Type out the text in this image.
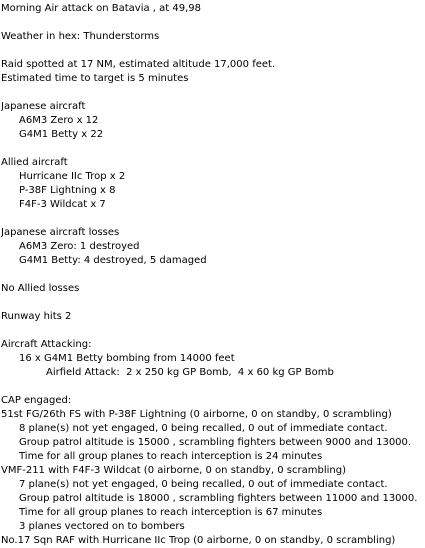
Morning Air attack on Batavia , at 49,98
Weather in hex: Thunderstorms
Raid spotted at 17 NM, estimated altitude 17,000 feet.
Estimated time to target is 5 minutes
Japanese aircraft
A6M3 Zero x 12
G4M1 Betty x 22
Allied aircraft
Hurricane IIc Trop x 2
P-38F Lightning x 8
F4F-3 Wildcat x 7
Japanese aircraft losses
A6M3 Zero: 1 destroyed
G4M1 Betty: 4 destroyed, 5 damaged
No Allied losses
Runway hits 2
Aircraft Attacking:
16 x G4M1 Betty bombing from 14000 feet
Airfield Attack:  2 x 250 kg GP Bomb,  4 x 60 kg GP Bomb
CAP engaged:
51st FG/26th FS with P-38F Lightning (0 airborne, 0 on standby, 0 scrambling)
8 plane(s) not yet engaged, 0 being recalled, 0 out of immediate contact.
Group patrol altitude is 15000 , scrambling fighters between 9000 and 13000.
Time for all group planes to reach interception is 24 minutes
VMF-211 with F4F-3 Wildcat (0 airborne, 0 on standby, 0 scrambling)
7 plane(s) not yet engaged, 0 being recalled, 0 out of immediate contact.
Group patrol altitude is 18000 , scrambling fighters between 11000 and 13000.
Time for all group planes to reach interception is 67 minutes
3 planes vectored on to bombers
No.17 Sqn RAF with Hurricane IIc Trop (0 airborne, 0 on standby, 0 scrambling)
